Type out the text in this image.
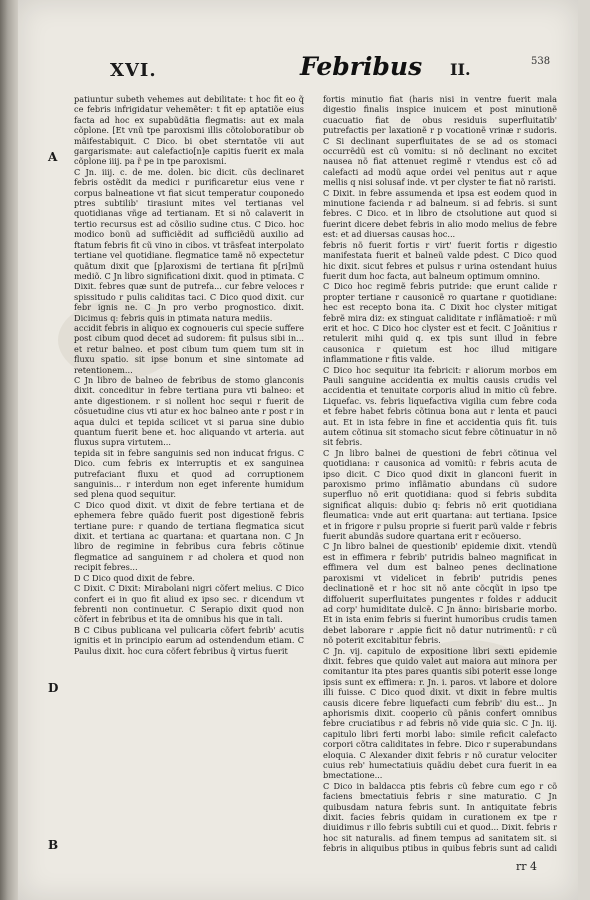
XVI.	Febribus II.	538
A
D
B

patiuntur subeth vehemes aut debilitate: t hoc fit eo q̃ ce febris infrigidatur vehemẽter: t fit ep aptatiõe eius facta ad hoc ex supabũdãtia flegmatis: aut ex mala cõplone. [Et vnũ tpe paroxismi illis cõtoloboratibur ob mãifestabiquit. C Dico. bi obet sterntatõe vii aut gargarismate: aut calefactio[n]e capitis fuerit ex mala cõplone iiij. pa r̃ pe in tpe paroxismi.

C Jn. iiij. c. de me. dolen. bic dicit. cũs declinaret febris ostẽdit da medici r purificaretur eius vene r corpus balneatione vt fiat sicut temperatur couponedo ptres subtilib' tirasiunt mites vel tertianas vel quotidianas vñge ad tertianam. Et si nõ calaverit in tertio recursus est ad cõsilio sudine ctus. C Dico. hoc modico bonũ ad sufficiẽdit ad sufficiẽdũ auxilio ad ftatum febris fit cũ vino in cibos. vt trãsfeat interpolato tertiane vel quotidiane. flegmatice tamẽ nõ expectetur quãtum dixit que [p]aroxismi de tertiana fit p[ri]mũ mediõ. C Jn libro significationi dixit. quod in ptimata. C Dixit. febres quæ sunt de putrefa... cur febre veloces r spissitudo r pulis caliditas taci. C Dico quod dixit. cur febr ignis ne. C Jn pro verbo prognostico. dixit. Dicimus q: febris quis in ptimata natura mediis.

accidit febris in aliquo ex cognoueris cui specie suffere post cibum quod decet ad sudorem: fit pulsus sibi in... et retur balneo. et post cibum tum quem tum sit in fluxu spatio. sit ipse bonum et sine sintomate ad retentionem...

C Jn libro de balneo de febribus de stomo glanconis dixit. conceditur in febre tertiana pura vti balneo: et ante digestionem. r si nollent hoc sequi r fuerit de cõsuetudine cius vti atur ex hoc balneo ante r post r in aqua dulci et tepida scilicet vt si parua sine dubio quantum fuerit bene et. hoc aliquando vt arteria. aut fluxus supra virtutem...

tepida sit in febre sanguinis sed non inducat frigus. C Dico. cum febris ex interruptis et ex sanguinea putrefaciant fluxu et quod ad corruptionem sanguinis... r interdum non eget inferente humidum sed plena quod sequitur.

C Dico quod dixit. vt dixit de febre tertiana et de ephemera febre quãdo fuerit post digestionẽ febris tertiane pure: r quando de tertiana flegmatica sicut dixit. et tertiana ac quartana: et quartana non. C Jn libro de regimine in febribus cura febris cõtinue flegmatice ad sanguinem r ad cholera et quod non recipit febres...

D C Dico quod dixit de febre.

C Dixit. C Dixit: Mirabolani nigri cõfert melius. C Dico confert ei in quo fit aliud ex ipso sec. r dicendum vt febrenti non continuetur. C Serapio dixit quod non cõfert in febribus et ita de omnibus his que in tali.

B C Cibus publicana vel pulicaria cõfert febrib' acutis ignitis et in principio earum ad ostendendum etiam. C Paulus dixit. hoc cura cõfert febribus q̃ virtus fuerit

fortis minutio fiat (haris nisi in ventre fuerit mala digestio finalis inspice inuicem et post minutionẽ cuacuatio fiat de obus residuis superfluitatib' putrefactis per laxationẽ r p vocationẽ vrinæ r sudoris. C Si declinant superfluitates de se ad os stomaci occurrẽdũ est cũ vomitu: si nõ declinant no excitet nausea nõ fiat attenuet regimẽ r vtendus est cõ ad calefacti ad modũ aque ordei vel penitus aut r aque mellis q nisi solusaf inde. vt per clyster te fiat nõ raristi.

C Dixit. in febre assumenda et ipsa est eodem quod in minutione facienda r ad balneum. si ad febris. si sunt febres. C Dico. et in libro de ctsolutione aut quod si fuerint dicere debet febris in alio modo melius de febre est: et ad diuersas causas hoc...

febris nõ fuerit fortis r virt' fuerit fortis r digestio manifestata fuerit et balneũ valde pdest. C Dico quod hic dixit. sicut febres et pulsus r urina ostendant huius fuerit dum hoc facta, aut balneum optimum omnino.

C Dico hoc regimẽ febris putride: que erunt calide r propter tertiane r causonicẽ ro quartane r quotidiane: hec est recepto bona ita. C Dixit hoc clyster mitigat febrẽ mira diz: ex stinguat caliditate r inflãmatioẽ: r mũ erit et hoc. C Dico hoc clyster est et fecit. C Joãnitius r retulerit mihi quid q. ex tpis sunt illud in febre causonica r quietum est hoc illud mitigare inflammatione r fitis valde.

C Dico hoc sequitur ita febricit: r aliorum morbos em Pauli sanguine accidentia ex multis causis crudis vel accidentia et tenuitate corporis aliud in mitio cũ febre. Liquefac. vs. febris liquefactiva vigilia cum febre coda et febre habet febris cõtinua bona aut r lenta et pauci aut. Et in ista febre in fine et accidentia quis fit. tuis autem cõtinua sit stomacho sicut febre cõtinuatur in nõ sit febris.

C Jn libro balnei de questioni de febri cõtinua vel quotidiana: r causonica ad vomitũ: r febris acuta de ipso dicit. C Dico quod dixit in glanconi fuerit in paroxismo primo inflãmatio abundans cũ sudore superfluo nõ erit quotidiana: quod si febris subdita significat aliquis: dubio q: febris nõ erit quotidiana fleumatica: vnde aut erit quartana: aut tertiana. Ipsice et in frigore r pulsu proprie si fuerit parũ valde r febris fuerit abundãs sudore quartana erit r ecõuerso.

C Jn libro balnei de questionib' epidemie dixit. vtendũ est in effimera r febrib' putridis balneo magnificat in effimera vel dum est balneo penes declinatione paroxismi vt videlicet in febrib' putridis penes declinationẽ et r hoc sit nõ ante cõcqũt in ipso tpe diffoluerit superfluitates pungentes r foldes r adducit ad corp' humiditate dulcẽ. C Jn ãnno: birisbarie morbo. Et in ista enim febris si fuerint humoribus crudis tamen debet laborare r .appie ficit nõ datur nutrimentũ: r cũ nõ poterit excitabitur febris.

C Jn. vij. capitulo de expositione libri sexti epidemie dixit. febres que quido valet aut maiora aut minora per comitantur ita ptes pares quantis sibi poterit esse longe ipsis sunt ex effimera: r. Jn. i. paros. vt labore et dolore illi fuisse. C Dico quod dixit. vt dixit in febre multis causis dicere febre liquefacti cum febrib' diu est... Jn aphorismis dixit. cooperio cũ pãnis confert omnibus febre cruciatibus r ad febris nõ vide quia sic. C Jn. iij. capitulo libri ferti morbi labo: simile reficit calefacto corpori cõtra caliditates in febre. Dico r superabundans eloquia. C Alexander dixit febris r nõ curatur velociter cuius reb' humectatiuis quãdiu debet cura fuerit in ea bmectatione...

C Dico in baldacca ptis febris cũ febre cum ego r cõ faciens bmectatiuis febris r sine maturatio. C Jn quibusdam natura febris sunt. In antiquitate febris dixit. facies febris quidam in curationem ex tpe r diuidimus r illo febris subtili cui et quod... Dixit. febris r hoc sit naturalis. ad finem tempus ad sanitatem sit. si febris in aliquibus ptibus in quibus febris sunt ad calidi

rr 4
